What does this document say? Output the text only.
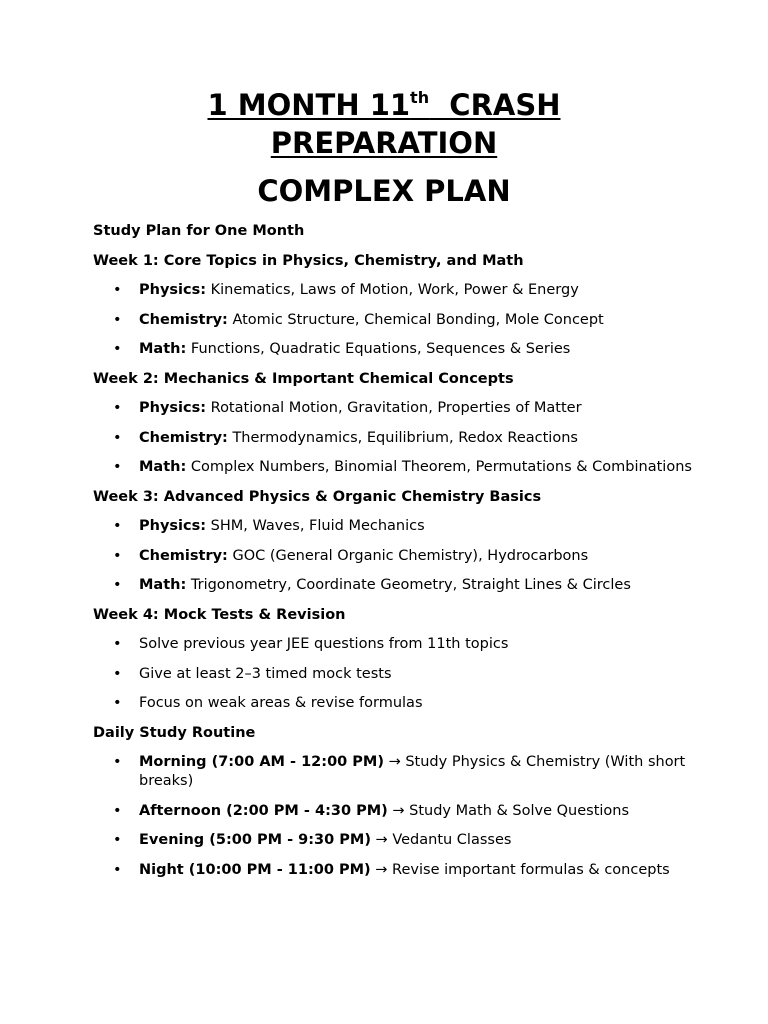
1 MONTH 11th  CRASH
PREPARATION
COMPLEX PLAN
Study Plan for One Month
Week 1: Core Topics in Physics, Chemistry, and Math
• Physics: Kinematics, Laws of Motion, Work, Power & Energy
• Chemistry: Atomic Structure, Chemical Bonding, Mole Concept
• Math: Functions, Quadratic Equations, Sequences & Series
Week 2: Mechanics & Important Chemical Concepts
• Physics: Rotational Motion, Gravitation, Properties of Matter
• Chemistry: Thermodynamics, Equilibrium, Redox Reactions
• Math: Complex Numbers, Binomial Theorem, Permutations & Combinations
Week 3: Advanced Physics & Organic Chemistry Basics
• Physics: SHM, Waves, Fluid Mechanics
• Chemistry: GOC (General Organic Chemistry), Hydrocarbons
• Math: Trigonometry, Coordinate Geometry, Straight Lines & Circles
Week 4: Mock Tests & Revision
• Solve previous year JEE questions from 11th topics
• Give at least 2–3 timed mock tests
• Focus on weak areas & revise formulas
Daily Study Routine
• Morning (7:00 AM - 12:00 PM) → Study Physics & Chemistry (With short breaks)
• Afternoon (2:00 PM - 4:30 PM) → Study Math & Solve Questions
• Evening (5:00 PM - 9:30 PM) → Vedantu Classes
• Night (10:00 PM - 11:00 PM) → Revise important formulas & concepts
